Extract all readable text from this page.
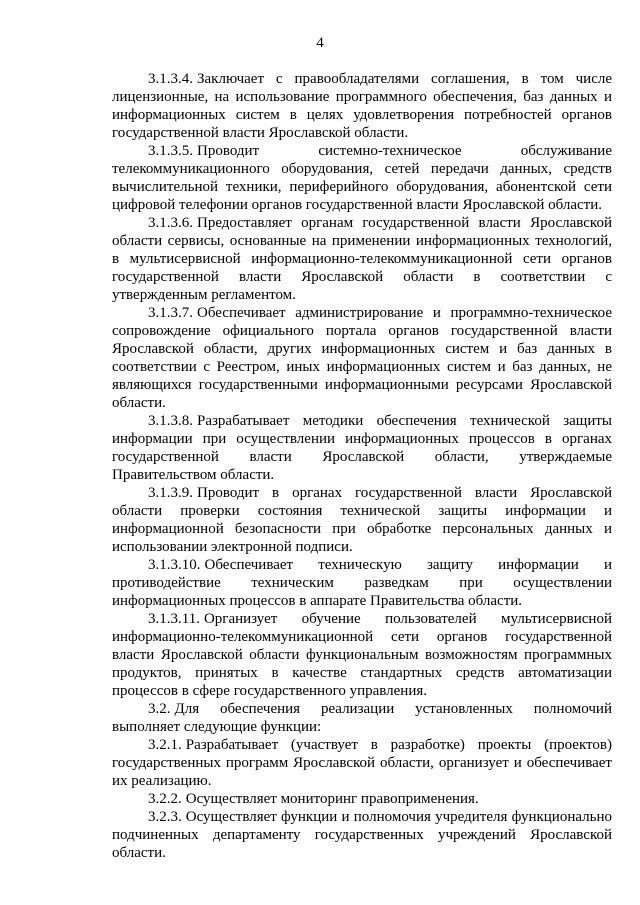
4

3.1.3.4. Заключает с правообладателями соглашения, в том числе лицензионные, на использование программного обеспечения, баз данных и информационных систем в целях удовлетворения потребностей органов государственной власти Ярославской области.

3.1.3.5. Проводит системно-техническое обслуживание телекоммуникационного оборудования, сетей передачи данных, средств вычислительной техники, периферийного оборудования, абонентской сети цифровой телефонии органов государственной власти Ярославской области.

3.1.3.6. Предоставляет органам государственной власти Ярославской области сервисы, основанные на применении информационных технологий, в мультисервисной информационно-телекоммуникационной сети органов государственной власти Ярославской области в соответствии с утвержденным регламентом.

3.1.3.7. Обеспечивает администрирование и программно-техническое сопровождение официального портала органов государственной власти Ярославской области, других информационных систем и баз данных в соответствии с Реестром, иных информационных систем и баз данных, не являющихся государственными информационными ресурсами Ярославской области.

3.1.3.8. Разрабатывает методики обеспечения технической защиты информации при осуществлении информационных процессов в органах государственной власти Ярославской области, утверждаемые Правительством области.

3.1.3.9. Проводит в органах государственной власти Ярославской области проверки состояния технической защиты информации и информационной безопасности при обработке персональных данных и использовании электронной подписи.

3.1.3.10. Обеспечивает техническую защиту информации и противодействие техническим разведкам при осуществлении информационных процессов в аппарате Правительства области.

3.1.3.11. Организует обучение пользователей мультисервисной информационно-телекоммуникационной сети органов государственной власти Ярославской области функциональным возможностям программных продуктов, принятых в качестве стандартных средств автоматизации процессов в сфере государственного управления.

3.2. Для обеспечения реализации установленных полномочий выполняет следующие функции:

3.2.1. Разрабатывает (участвует в разработке) проекты (проектов) государственных программ Ярославской области, организует и обеспечивает их реализацию.

3.2.2. Осуществляет мониторинг правоприменения.

3.2.3. Осуществляет функции и полномочия учредителя функционально подчиненных департаменту государственных учреждений Ярославской области.
